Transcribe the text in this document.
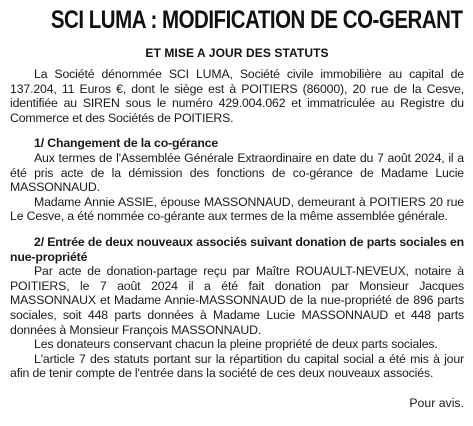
SCI LUMA : MODIFICATION DE CO-GERANT
ET MISE A JOUR DES STATUTS

La Société dénommée SCI LUMA, Société civile immobilière au capital de 137.204, 11 Euros €, dont le siège est à POITIERS (86000), 20 rue de la Cesve, identifiée au SIREN sous le numéro 429.004.062 et immatriculée au Registre du Commerce et des Sociétés de POITIERS.

1/ Changement de la co-gérance

Aux termes de l'Assemblée Générale Extraordinaire en date du 7 août 2024, il a été pris acte de la démission des fonctions de co-gérance de Madame Lucie MASSONNAUD.

Madame Annie ASSIE, épouse MASSONNAUD, demeurant à POITIERS 20 rue Le Cesve, a été nommée co-gérante aux termes de la même assemblée générale.

2/ Entrée de deux nouveaux associés suivant donation de parts sociales en nue-propriété

Par acte de donation-partage reçu par Maître ROUAULT-NEVEUX, notaire à POITIERS, le 7 août 2024 il a été fait donation par Monsieur Jacques MASSONNAUX et Madame Annie-MASSONNAUD de la nue-propriété de 896 parts sociales, soit 448 parts données à Madame Lucie MASSONNAUD et 448 parts données à Monsieur François MASSONNAUD.

Les donateurs conservant chacun la pleine propriété de deux parts sociales.

L'article 7 des statuts portant sur la répartition du capital social a été mis à jour afin de tenir compte de l'entrée dans la société de ces deux nouveaux associés.

Pour avis.
